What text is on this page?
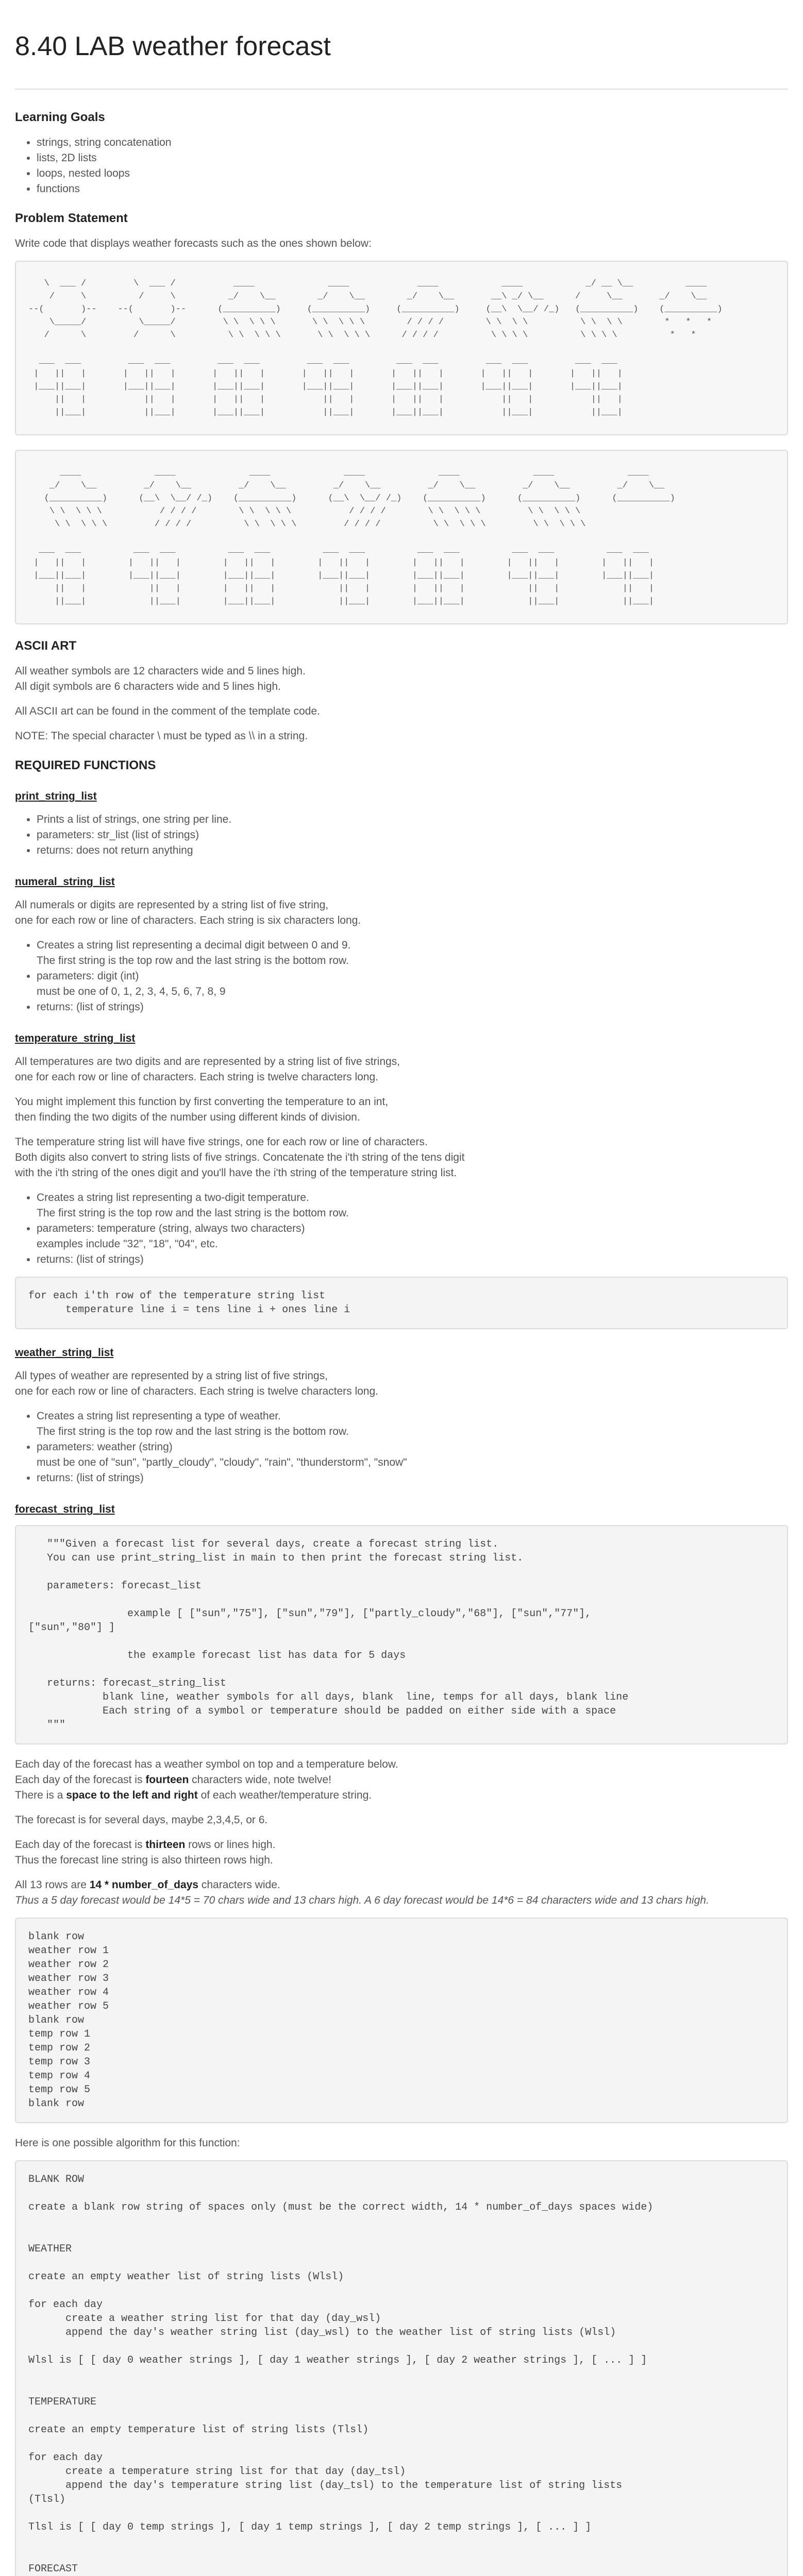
8.40 LAB weather forecast
Learning Goals
• strings, string concatenation
• lists, 2D lists
• loops, nested loops
• functions
Problem Statement

Write code that displays weather forecasts such as the ones shown below:

\  ___ /         \  ___ /           ____              ____             ____            ____            _/ __ \__          ____
/     \          /     \          _/    \__        _/    \__        _/    \__       __\ _/ \__      /     \__       _/    \__
--(       )--    --(       )--      (__________)     (__________)     (__________)     (__\  \__/ /_)   (__________)    (__________)
\_____/          \_____/         \ \  \ \ \       \ \  \ \ \        / / / /        \ \  \ \          \ \  \ \        *   *   *
/      \         /      \          \ \  \ \ \       \ \  \ \ \      / / / /          \ \ \ \          \ \ \ \          *   *

___  ___         ___  ___         ___  ___         ___  ___         ___  ___         ___  ___         ___  ___
|   ||   |       |   ||   |       |   ||   |       |   ||   |       |   ||   |       |   ||   |       |   ||   |
|___||___|       |___||___|       |___||___|       |___||___|       |___||___|       |___||___|       |___||___|
||   |           ||   |       |   ||   |           ||   |       |   ||   |           ||   |           ||   |
||___|           ||___|       |___||___|           ||___|       |___||___|           ||___|           ||___|
____              ____              ____              ____              ____              ____              ____
_/    \__         _/    \__         _/    \__         _/    \__         _/    \__         _/    \__         _/    \__
(__________)      (__\  \__/ /_)    (__________)      (__\  \__/ /_)    (__________)      (__________)      (__________)
\ \  \ \ \           / / / /        \ \  \ \ \           / / / /        \ \  \ \ \         \ \  \ \ \
\ \  \ \ \         / / / /          \ \  \ \ \         / / / /          \ \  \ \ \         \ \  \ \ \

___  ___          ___  ___          ___  ___          ___  ___          ___  ___          ___  ___          ___  ___
|   ||   |        |   ||   |        |   ||   |        |   ||   |        |   ||   |        |   ||   |        |   ||   |
|___||___|        |___||___|        |___||___|        |___||___|        |___||___|        |___||___|        |___||___|
||   |            ||   |        |   ||   |            ||   |        |   ||   |            ||   |            ||   |
||___|            ||___|        |___||___|            ||___|        |___||___|            ||___|            ||___|
ASCII ART

All weather symbols are 12 characters wide and 5 lines high.
All digit symbols are 6 characters wide and 5 lines high.

All ASCII art can be found in the comment of the template code.

NOTE: The special character \ must be typed as \\ in a string.

REQUIRED FUNCTIONS
print_string_list
• Prints a list of strings, one string per line.
• parameters: str_list (list of strings)
• returns: does not return anything
numeral_string_list

All numerals or digits are represented by a string list of five string,
one for each row or line of characters. Each string is six characters long.

• Creates a string list representing a decimal digit between 0 and 9.
The first string is the top row and the last string is the bottom row.
• parameters: digit (int)
must be one of 0, 1, 2, 3, 4, 5, 6, 7, 8, 9
• returns: (list of strings)
temperature_string_list

All temperatures are two digits and are represented by a string list of five strings,
one for each row or line of characters. Each string is twelve characters long.

You might implement this function by first converting the temperature to an int,
then finding the two digits of the number using different kinds of division.

The temperature string list will have five strings, one for each row or line of characters.
Both digits also convert to string lists of five strings. Concatenate the i'th string of the tens digit
with the i'th string of the ones digit and you'll have the i'th string of the temperature string list.

• Creates a string list representing a two-digit temperature.
The first string is the top row and the last string is the bottom row.
• parameters: temperature (string, always two characters)
examples include "32", "18", "04", etc.
• returns: (list of strings)
for each i'th row of the temperature string list
temperature line i = tens line i + ones line i
weather_string_list

All types of weather are represented by a string list of five strings,
one for each row or line of characters. Each string is twelve characters long.

• Creates a string list representing a type of weather.
The first string is the top row and the last string is the bottom row.
• parameters: weather (string)
must be one of "sun", "partly_cloudy", "cloudy", "rain", "thunderstorm", "snow"
• returns: (list of strings)
forecast_string_list
"""Given a forecast list for several days, create a forecast string list.
You can use print_string_list in main to then print the forecast string list.

parameters: forecast_list

example [ ["sun","75"], ["sun","79"], ["partly_cloudy","68"], ["sun","77"],
["sun","80"] ]

the example forecast list has data for 5 days

returns: forecast_string_list
blank line, weather symbols for all days, blank  line, temps for all days, blank line
Each string of a symbol or temperature should be padded on either side with a space
"""

Each day of the forecast has a weather symbol on top and a temperature below.
Each day of the forecast is fourteen characters wide, note twelve!
There is a space to the left and right of each weather/temperature string.

The forecast is for several days, maybe 2,3,4,5, or 6.

Each day of the forecast is thirteen rows or lines high.
Thus the forecast line string is also thirteen rows high.

All 13 rows are 14 * number_of_days characters wide.
Thus a 5 day forecast would be 14*5 = 70 chars wide and 13 chars high. A 6 day forecast would be 14*6 = 84 characters wide and 13 chars high.

blank row
weather row 1
weather row 2
weather row 3
weather row 4
weather row 5
blank row
temp row 1
temp row 2
temp row 3
temp row 4
temp row 5
blank row

Here is one possible algorithm for this function:

BLANK ROW

create a blank row string of spaces only (must be the correct width, 14 * number_of_days spaces wide)

WEATHER

create an empty weather list of string lists (Wlsl)

for each day
create a weather string list for that day (day_wsl)
append the day's weather string list (day_wsl) to the weather list of string lists (Wlsl)

Wlsl is [ [ day 0 weather strings ], [ day 1 weather strings ], [ day 2 weather strings ], [ ... ] ]

TEMPERATURE

create an empty temperature list of string lists (Tlsl)

for each day
create a temperature string list for that day (day_tsl)
append the day's temperature string list (day_tsl) to the temperature list of string lists
(Tlsl)

Tlsl is [ [ day 0 temp strings ], [ day 1 temp strings ], [ day 2 temp strings ], [ ... ] ]

FORECAST
